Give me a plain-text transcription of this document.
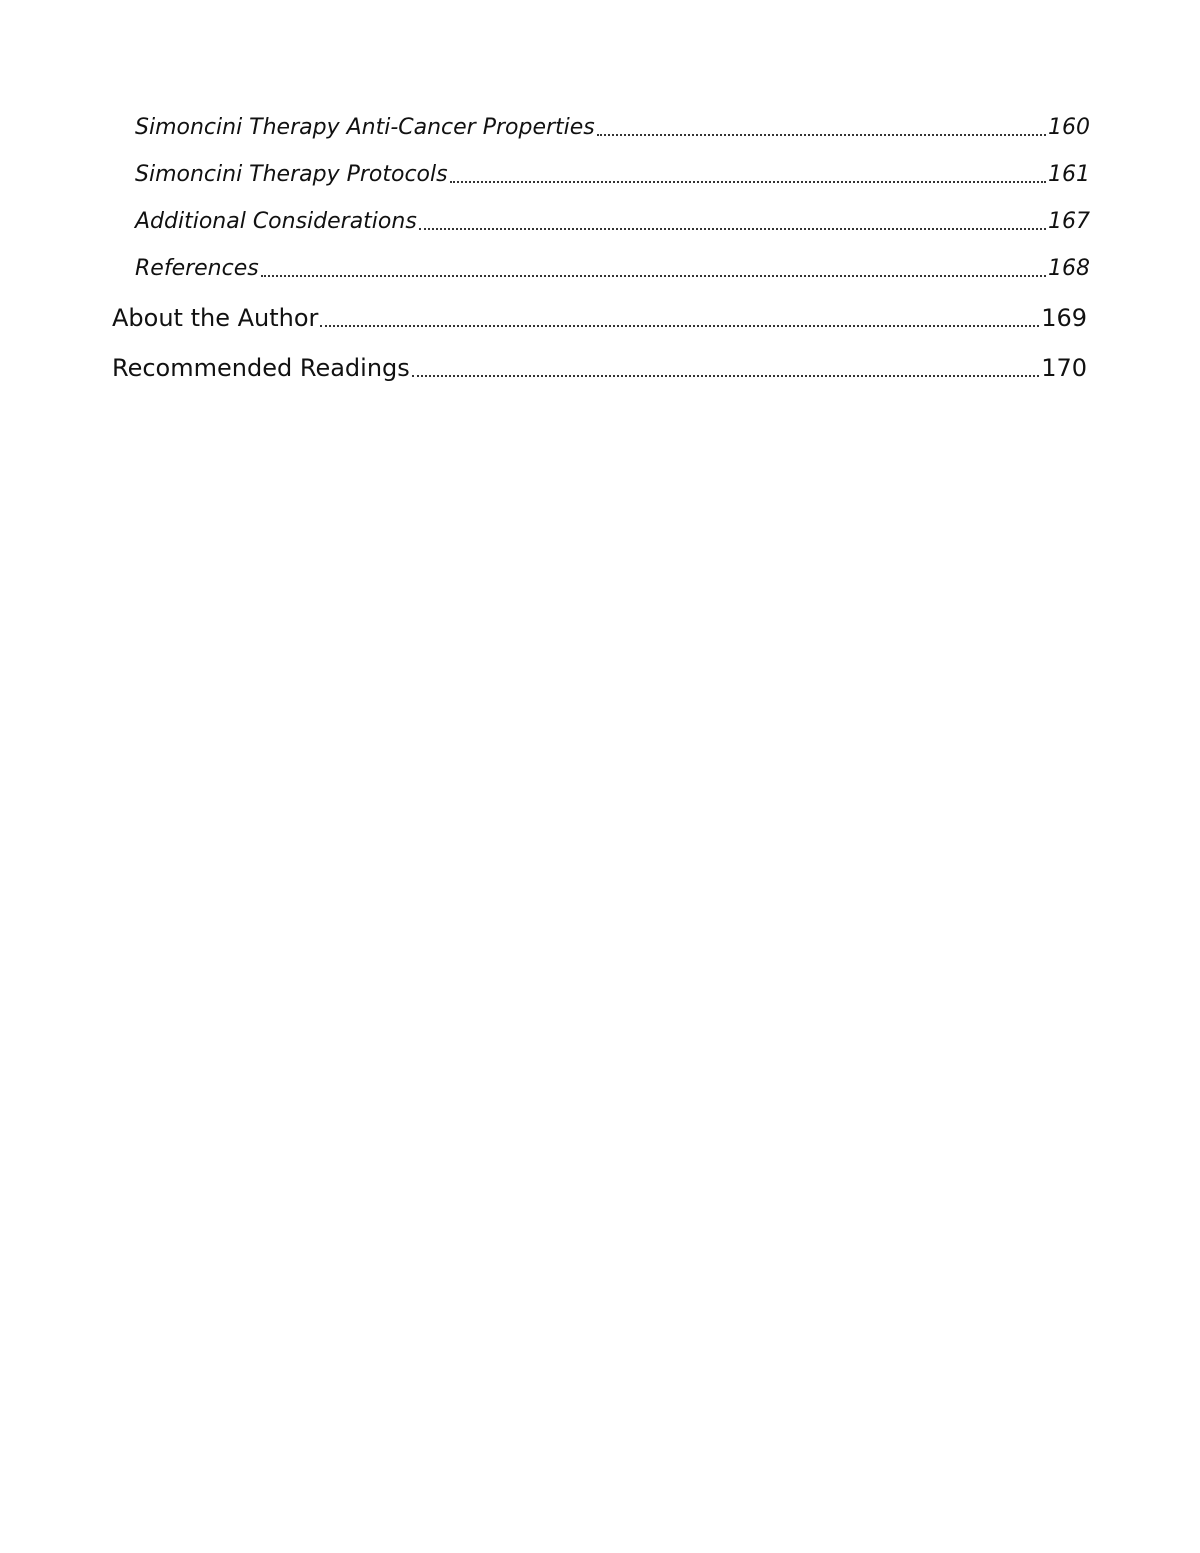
Simoncini Therapy Anti-Cancer Properties	160
Simoncini Therapy Protocols	161
Additional Considerations	167
References	168
About the Author	169
Recommended Readings	170
